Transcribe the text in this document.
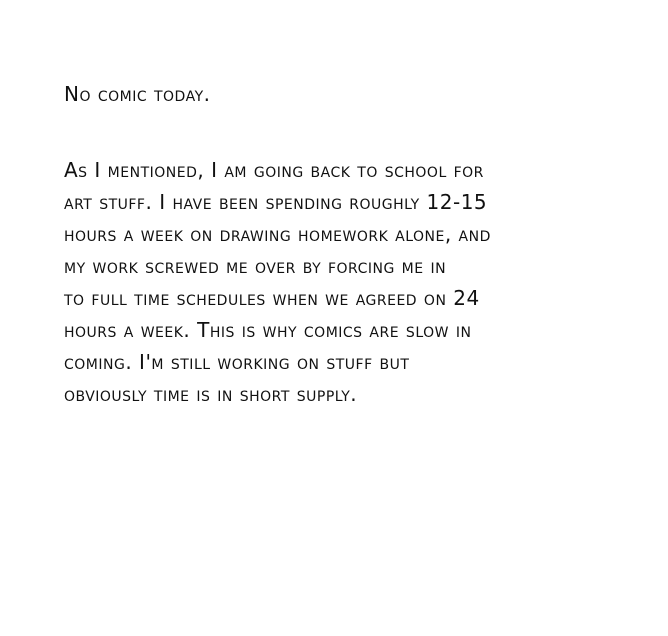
No comic today.
As I mentioned, I am going back to school for
art stuff. I have been spending roughly 12-15
hours a week on drawing homework alone, and
my work screwed me over by forcing me in
to full time schedules when we agreed on 24
hours a week. This is why comics are slow in
coming. I'm still working on stuff but
obviously time is in short supply.
